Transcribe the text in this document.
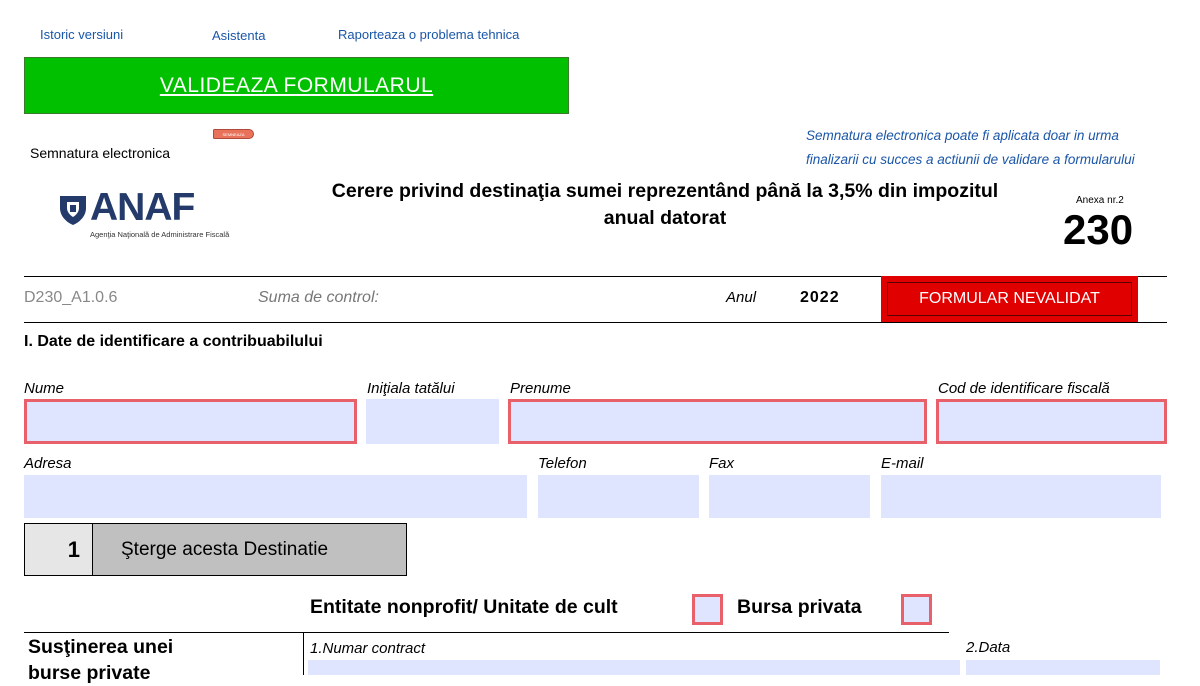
Istoric versiuni	Asistenta	Raporteaza o problema tehnica
VALIDEAZA FORMULARUL
SEMNEAZA
Semnatura electronica
Semnatura electronica poate fi aplicata doar in urma
finalizarii cu succes a actiunii de validare a formularului
ANAF
Agenţia Naţională de Administrare Fiscală
Cerere privind destinaţia sumei reprezentând până la 3,5% din impozitul
anual datorat
Anexa nr.2
230
D230_A1.0.6	Suma de control:	Anul	2022	FORMULAR NEVALIDAT
I. Date de identificare a contribuabilului
Nume	Iniţiala tatălui	Prenume	Cod de identificare fiscală
Adresa	Telefon	Fax	E-mail
1 Şterge acesta Destinatie
Entitate nonprofit/ Unitate de cult	Bursa privata
Susţinerea unei
burse private
1.Numar contract	2.Data
